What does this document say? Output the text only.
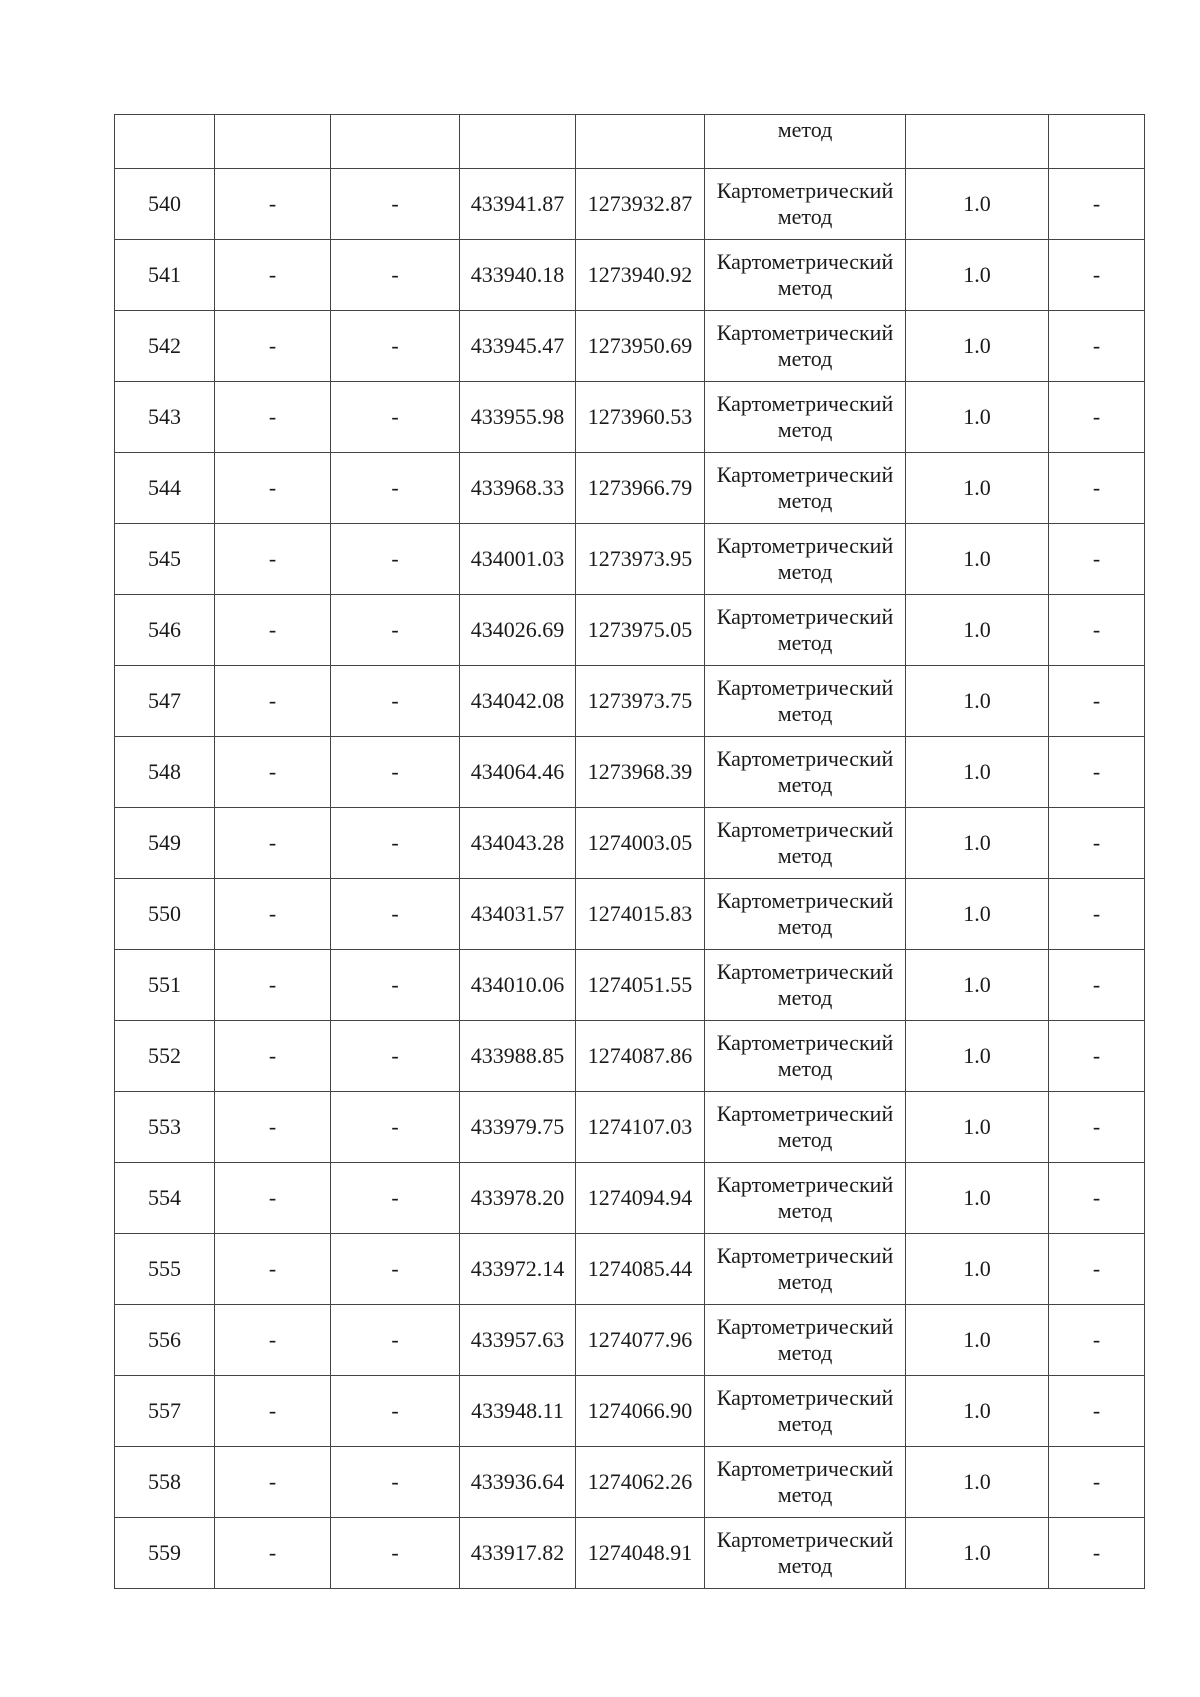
					метод		

540	-	-	433941.87	1273932.87	Картометрический
метод	1.0	-
541	-	-	433940.18	1273940.92	Картометрический
метод	1.0	-
542	-	-	433945.47	1273950.69	Картометрический
метод	1.0	-
543	-	-	433955.98	1273960.53	Картометрический
метод	1.0	-
544	-	-	433968.33	1273966.79	Картометрический
метод	1.0	-
545	-	-	434001.03	1273973.95	Картометрический
метод	1.0	-
546	-	-	434026.69	1273975.05	Картометрический
метод	1.0	-
547	-	-	434042.08	1273973.75	Картометрический
метод	1.0	-
548	-	-	434064.46	1273968.39	Картометрический
метод	1.0	-
549	-	-	434043.28	1274003.05	Картометрический
метод	1.0	-
550	-	-	434031.57	1274015.83	Картометрический
метод	1.0	-
551	-	-	434010.06	1274051.55	Картометрический
метод	1.0	-
552	-	-	433988.85	1274087.86	Картометрический
метод	1.0	-
553	-	-	433979.75	1274107.03	Картометрический
метод	1.0	-
554	-	-	433978.20	1274094.94	Картометрический
метод	1.0	-
555	-	-	433972.14	1274085.44	Картометрический
метод	1.0	-
556	-	-	433957.63	1274077.96	Картометрический
метод	1.0	-
557	-	-	433948.11	1274066.90	Картометрический
метод	1.0	-
558	-	-	433936.64	1274062.26	Картометрический
метод	1.0	-
559	-	-	433917.82	1274048.91	Картометрический
метод	1.0	-
